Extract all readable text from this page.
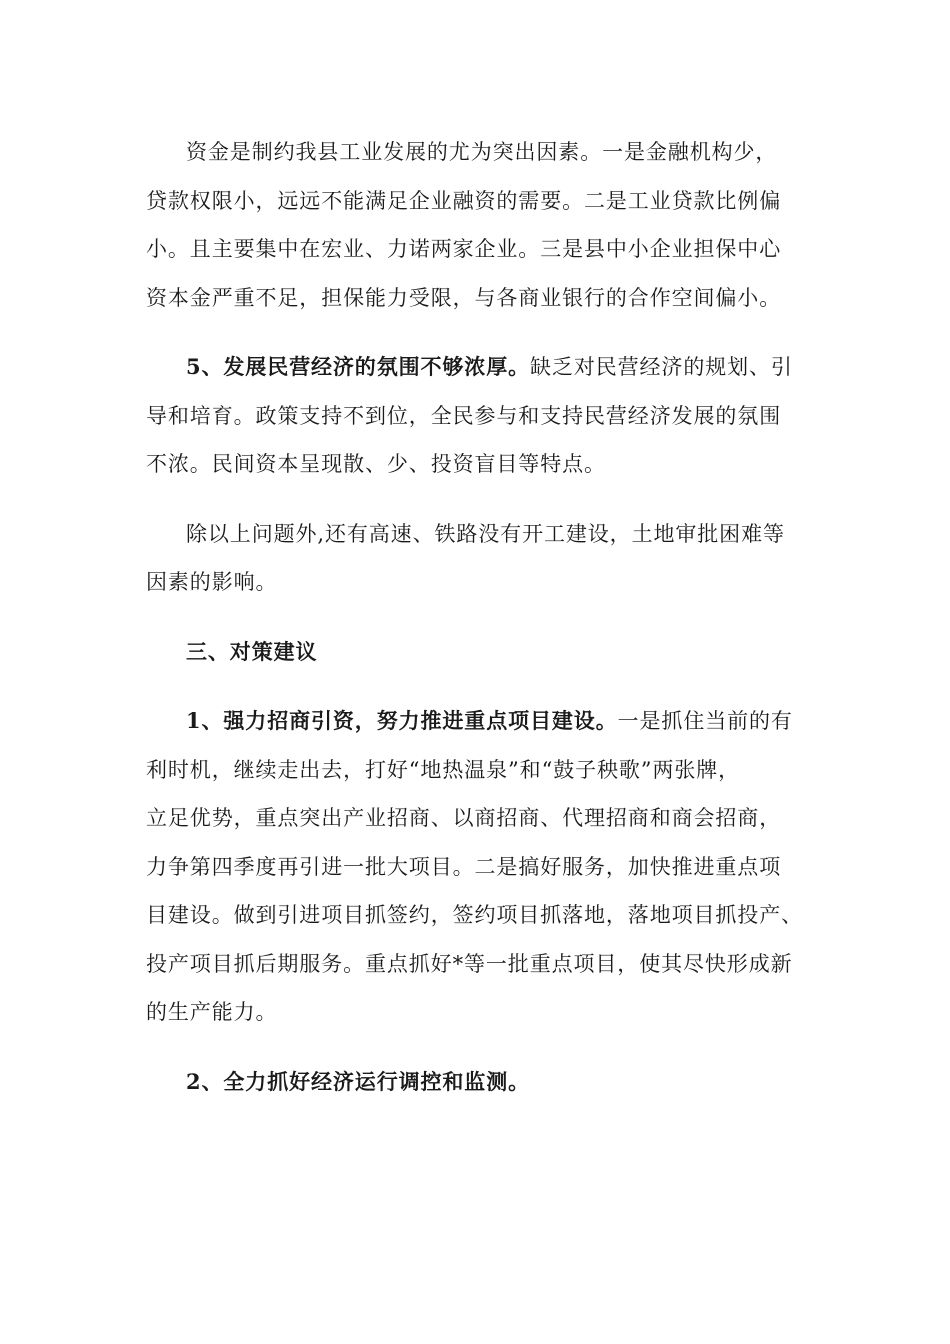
资金是制约我县工业发展的尤为突出因素。一是金融机构少，
贷款权限小，远远不能满足企业融资的需要。二是工业贷款比例偏
小。且主要集中在宏业、力诺两家企业。三是县中小企业担保中心
资本金严重不足，担保能力受限，与各商业银行的合作空间偏小。

5、发展民营经济的氛围不够浓厚。缺乏对民营经济的规划、引
导和培育。政策支持不到位，全民参与和支持民营经济发展的氛围
不浓。民间资本呈现散、少、投资盲目等特点。

除以上问题外,还有高速、铁路没有开工建设，土地审批困难等
因素的影响。

三、对策建议

1、强力招商引资，努力推进重点项目建设。一是抓住当前的有
利时机，继续走出去，打好“地热温泉”和“鼓子秧歌”两张牌，
立足优势，重点突出产业招商、以商招商、代理招商和商会招商，
力争第四季度再引进一批大项目。二是搞好服务，加快推进重点项
目建设。做到引进项目抓签约，签约项目抓落地，落地项目抓投产、
投产项目抓后期服务。重点抓好*等一批重点项目，使其尽快形成新
的生产能力。

2、全力抓好经济运行调控和监测。
